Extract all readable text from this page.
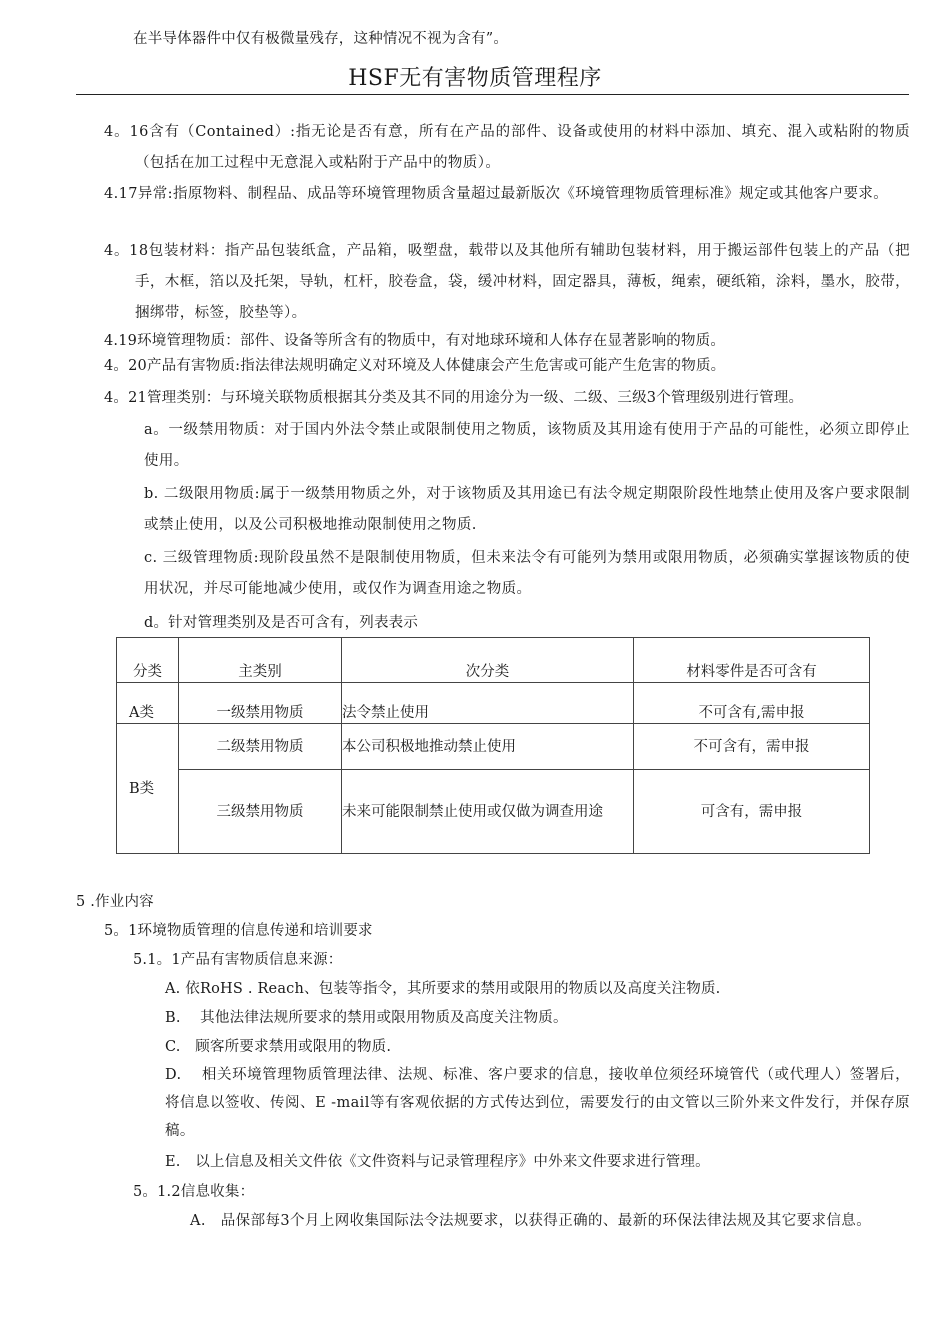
在半导体器件中仅有极微量残存，这种情况不视为含有”。
HSF无有害物质管理程序
4。16含有（Contained）:指无论是否有意，所有在产品的部件、设备或使用的材料中添加、填充、混入或粘附的物质（包括在加工过程中无意混入或粘附于产品中的物质）。
4.17异常:指原物料、制程品、成品等环境管理物质含量超过最新版次《环境管理物质管理标准》规定或其他客户要求。
4。18包装材料：指产品包装纸盒，产品箱，吸塑盘，载带以及其他所有辅助包装材料，用于搬运部件包装上的产品（把手，木框，箔以及托架，导轨，杠杆，胶卷盒，袋，缓冲材料，固定器具，薄板，绳索，硬纸箱，涂料，墨水，胶带，捆绑带，标签，胶垫等）。
4.19环境管理物质：部件、设备等所含有的物质中，有对地球环境和人体存在显著影响的物质。
4。20产品有害物质:指法律法规明确定义对环境及人体健康会产生危害或可能产生危害的物质。
4。21管理类别：与环境关联物质根据其分类及其不同的用途分为一级、二级、三级3个管理级别进行管理。
a。一级禁用物质：对于国内外法令禁止或限制使用之物质，该物质及其用途有使用于产品的可能性，必须立即停止使用。
b. 二级限用物质:属于一级禁用物质之外，对于该物质及其用途已有法令规定期限阶段性地禁止使用及客户要求限制或禁止使用，以及公司积极地推动限制使用之物质.
c. 三级管理物质:现阶段虽然不是限制使用物质，但未来法令有可能列为禁用或限用物质，必须确实掌握该物质的使用状况，并尽可能地减少使用，或仅作为调查用途之物质。
d。针对管理类别及是否可含有，列表表示
分类	主类别	次分类	材料零件是否可含有
A类	一级禁用物质	法令禁止使用	不可含有,需申报
B类	二级禁用物质	本公司积极地推动禁止使用	不可含有，需申报
	三级禁用物质	未来可能限制禁止使用或仅做为调查用途	可含有，需申报
5 .作业内容
5。1环境物质管理的信息传递和培训要求
5.1。1产品有害物质信息来源：
A. 依RoHS . Reach、包装等指令，其所要求的禁用或限用的物质以及高度关注物质.
B.　 其他法律法规所要求的禁用或限用物质及高度关注物质。
C.　顾客所要求禁用或限用的物质.
D.　 相关环境管理物质管理法律、法规、标准、客户要求的信息，接收单位须经环境管代（或代理人）签署后，将信息以签收、传阅、E -mail等有客观依据的方式传达到位，需要发行的由文管以三阶外来文件发行，并保存原稿。
E.　以上信息及相关文件依《文件资料与记录管理程序》中外来文件要求进行管理。
5。1.2信息收集：
A.　品保部每3个月上网收集国际法令法规要求，以获得正确的、最新的环保法律法规及其它要求信息。
